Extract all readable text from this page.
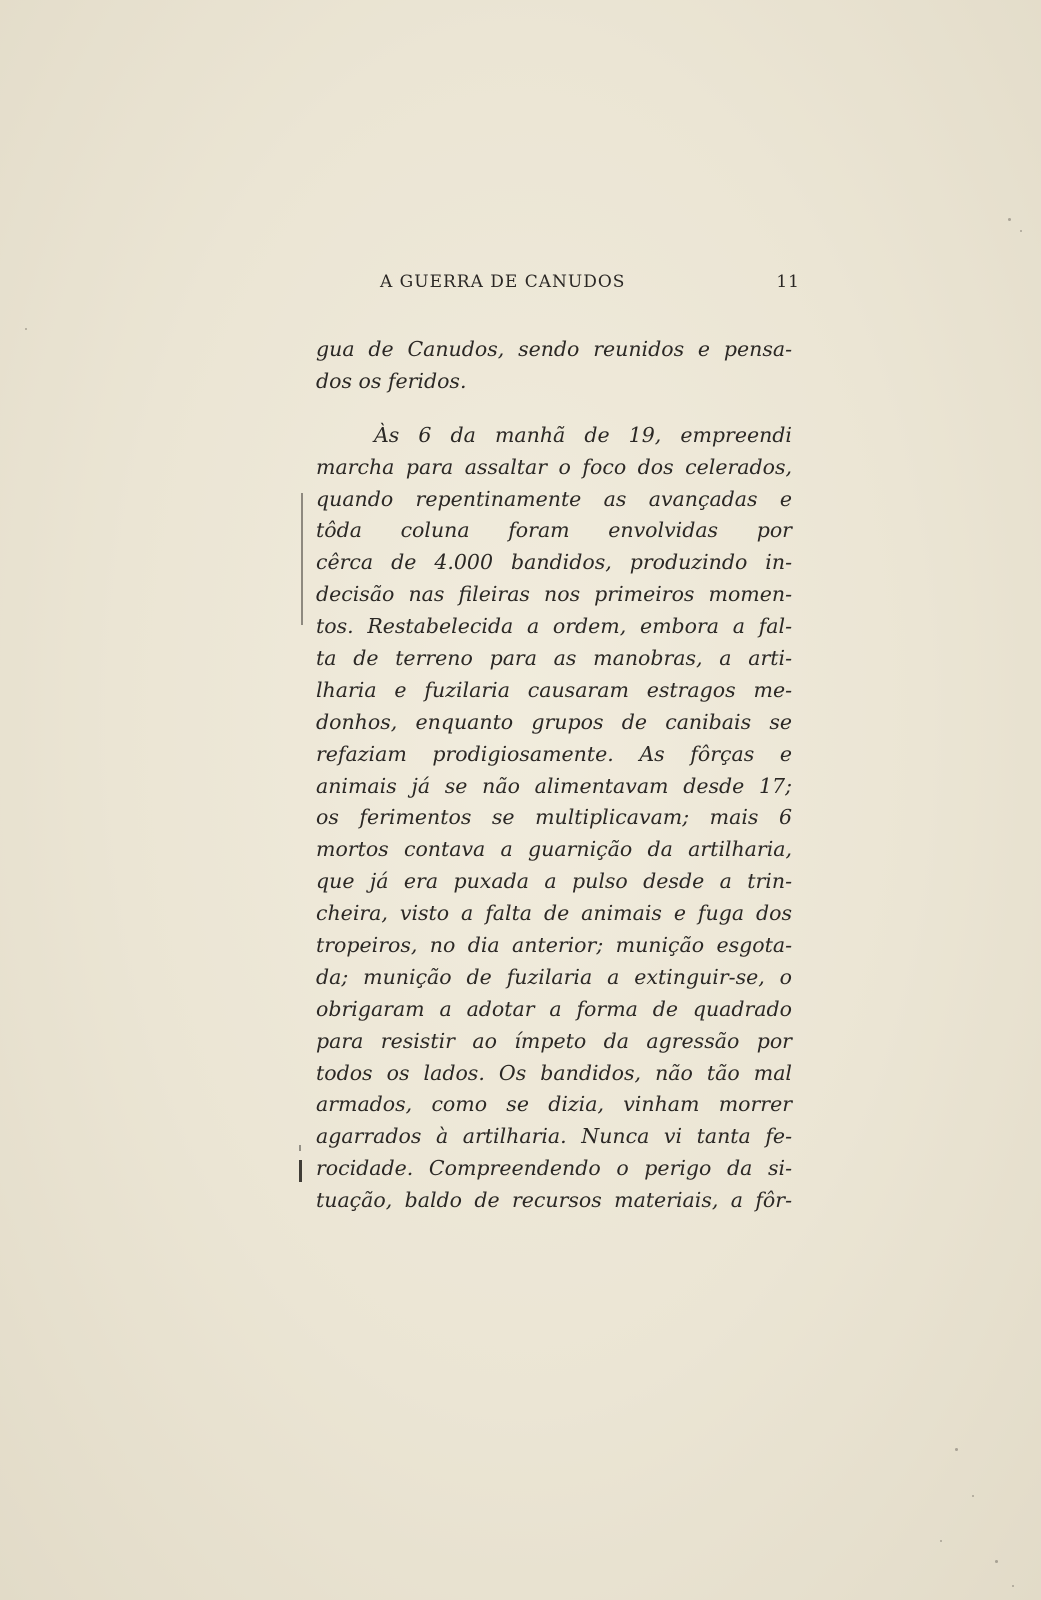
A GUERRA DE CANUDOS	11
gua de Canudos, sendo reunidos e pensa-
dos os feridos.
Às 6 da manhã de 19, empreendi
marcha para assaltar o foco dos celerados,
quando repentinamente as avançadas e
tôda coluna foram envolvidas por
cêrca de 4.000 bandidos, produzindo in-
decisão nas fileiras nos primeiros momen-
tos. Restabelecida a ordem, embora a fal-
ta de terreno para as manobras, a arti-
lharia e fuzilaria causaram estragos me-
donhos, enquanto grupos de canibais se
refaziam prodigiosamente. As fôrças e
animais já se não alimentavam desde 17;
os ferimentos se multiplicavam; mais 6
mortos contava a guarnição da artilharia,
que já era puxada a pulso desde a trin-
cheira, visto a falta de animais e fuga dos
tropeiros, no dia anterior; munição esgota-
da; munição de fuzilaria a extinguir-se, o
obrigaram a adotar a forma de quadrado
para resistir ao ímpeto da agressão por
todos os lados. Os bandidos, não tão mal
armados, como se dizia, vinham morrer
agarrados à artilharia. Nunca vi tanta fe-
rocidade. Compreendendo o perigo da si-
tuação, baldo de recursos materiais, a fôr-
